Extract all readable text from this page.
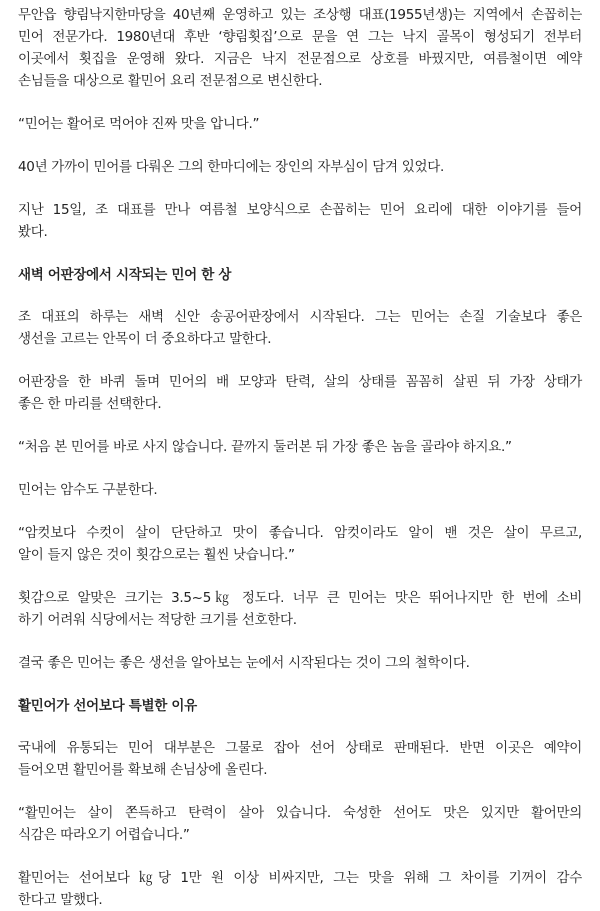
무안읍 향림낙지한마당을 40년째 운영하고 있는 조상행 대표(1955년생)는 지역에서 손꼽히는
민어 전문가다. 1980년대 후반 ‘향림횟집’으로 문을 연 그는 낙지 골목이 형성되기 전부터
이곳에서 횟집을 운영해 왔다. 지금은 낙지 전문점으로 상호를 바꿨지만, 여름철이면 예약
손님들을 대상으로 활민어 요리 전문점으로 변신한다.
“민어는 활어로 먹어야 진짜 맛을 압니다.”
40년 가까이 민어를 다뤄온 그의 한마디에는 장인의 자부심이 담겨 있었다.
지난 15일, 조 대표를 만나 여름철 보양식으로 손꼽히는 민어 요리에 대한 이야기를 들어
봤다.
새벽 어판장에서 시작되는 민어 한 상
조 대표의 하루는 새벽 신안 송공어판장에서 시작된다. 그는 민어는 손질 기술보다 좋은
생선을 고르는 안목이 더 중요하다고 말한다.
어판장을 한 바퀴 돌며 민어의 배 모양과 탄력, 살의 상태를 꼼꼼히 살핀 뒤 가장 상태가
좋은 한 마리를 선택한다.
“처음 본 민어를 바로 사지 않습니다. 끝까지 둘러본 뒤 가장 좋은 놈을 골라야 하지요.”
민어는 암수도 구분한다.
“암컷보다 수컷이 살이 단단하고 맛이 좋습니다. 암컷이라도 알이 밴 것은 살이 무르고,
알이 들지 않은 것이 횟감으로는 훨씬 낫습니다.”
횟감으로 알맞은 크기는 3.5~5㎏ 정도다. 너무 큰 민어는 맛은 뛰어나지만 한 번에 소비
하기 어려워 식당에서는 적당한 크기를 선호한다.
결국 좋은 민어는 좋은 생선을 알아보는 눈에서 시작된다는 것이 그의 철학이다.
활민어가 선어보다 특별한 이유
국내에 유통되는 민어 대부분은 그물로 잡아 선어 상태로 판매된다. 반면 이곳은 예약이
들어오면 활민어를 확보해 손님상에 올린다.
“활민어는 살이 쫀득하고 탄력이 살아 있습니다. 숙성한 선어도 맛은 있지만 활어만의
식감은 따라오기 어렵습니다.”
활민어는 선어보다 ㎏당 1만 원 이상 비싸지만, 그는 맛을 위해 그 차이를 기꺼이 감수
한다고 말했다.
